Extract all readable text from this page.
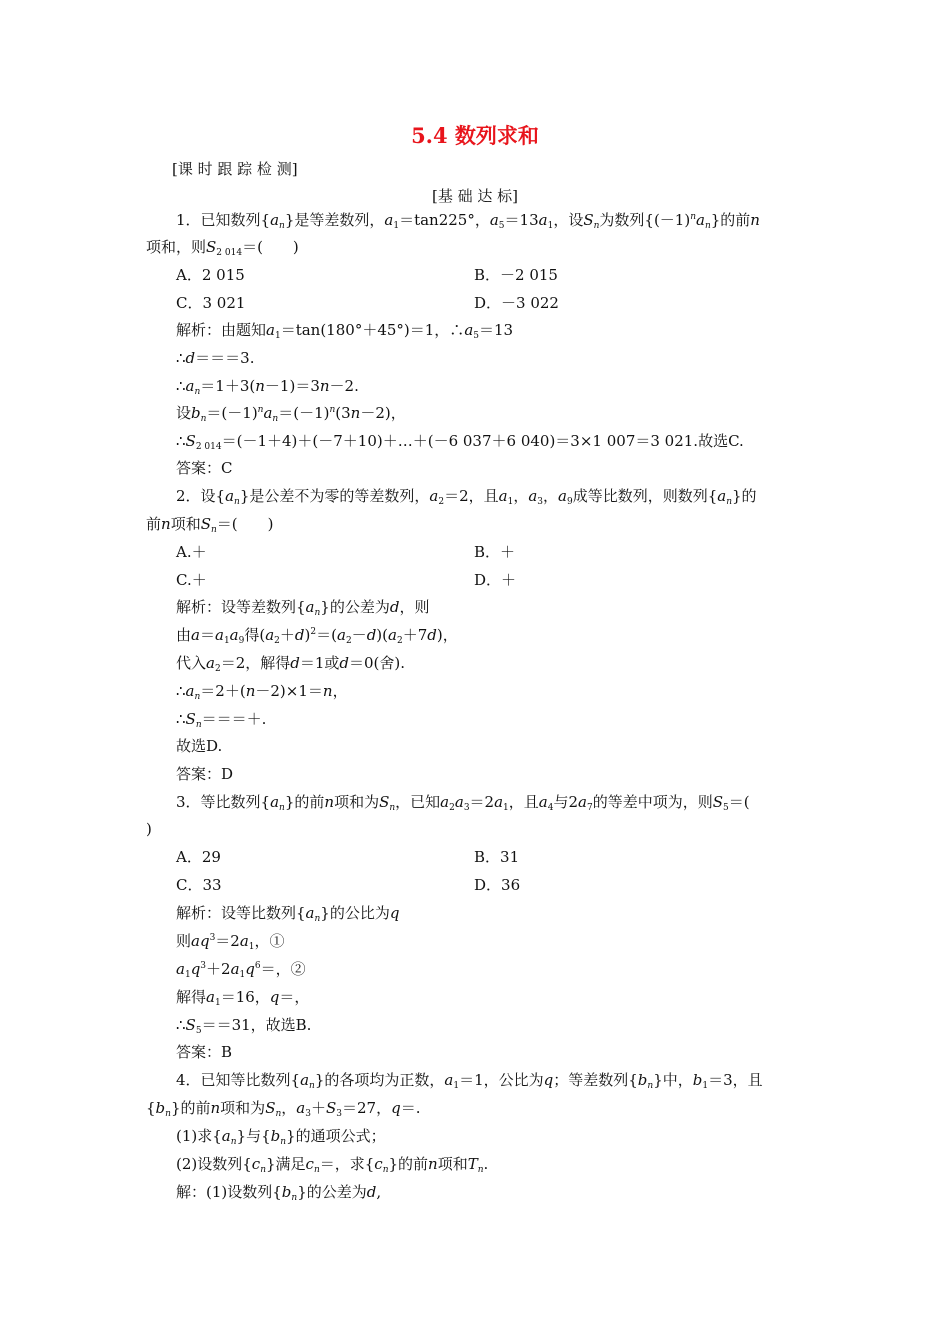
5.4 数列求和
[课 时 跟 踪 检 测]
[基 础 达 标]
1．已知数列$\{a_n\}$是等差数列，$a_1=\tan 225^\circ$，$a_5=13a_1$，设$S_n$为数列$\{(-1)^na_n\}$的前n
项和，则$S_{2 014}=$(　　)
A．2 015	B．－2 015
C．3 021	D．－3 022
解析：由题知$a_1=\tan(180^\circ+45^\circ)=1$，$\therefore a_5=13$
∴d＝＝＝3.
$\therefore a_n=1+3(n-1)=3n-2$.
设$b_n=(-1)^na_n=(-1)^n(3n-2)$，
$\therefore S_{2 014}=(-1+4)+(-7+10)+\dots+(-6$ 037＋6 040)＝3×1 007＝3 021.故选C.
答案：C
2．设$\{a_n\}$是公差不为零的等差数列，$a_2=2$，且$a_1$，$a_3$，$a_9$成等比数列，则数列$\{a_n\}$的
前n项和$S_n=$(　　)
A.＋	B．＋
C.＋	D．＋
解析：设等差数列$\{a_n\}$的公差为d，则
由$a=a_1a_9$得$(a_2+d)^2=(a_2-d)(a_2+7d)$，
代入$a_2=2$，解得d＝1或d＝0(舍).
$\therefore a_n=2+(n-2)\times 1=n$，
$\therefore S_n===+$.
故选D.
答案：D
3．等比数列$\{a_n\}$的前n项和为$S_n$，已知$a_2a_3=2a_1$，且$a_4$与$2a_7$的等差中项为，则$S_5=$(
)
A．29	B．31
C．33	D．36
解析：设等比数列$\{a_n\}$的公比为q
则$aq^3=2a_1$，①
$a_1q^3+2a_1q^6=$，②
解得$a_1=16$，q＝，
$\therefore S_5==31$，故选B.
答案：B
4．已知等比数列$\{a_n\}$的各项均为正数，$a_1=1$，公比为q；等差数列$\{b_n\}$中，$b_1=3$，且
$\{b_n\}$的前n项和为$S_n$，$a_3+S_3=27$，q＝.
(1)求$\{a_n\}$与$\{b_n\}$的通项公式；
(2)设数列$\{c_n\}$满足$c_n=$，求$\{c_n\}$的前n项和$T_n$.
解：(1)设数列$\{b_n\}$的公差为d,
